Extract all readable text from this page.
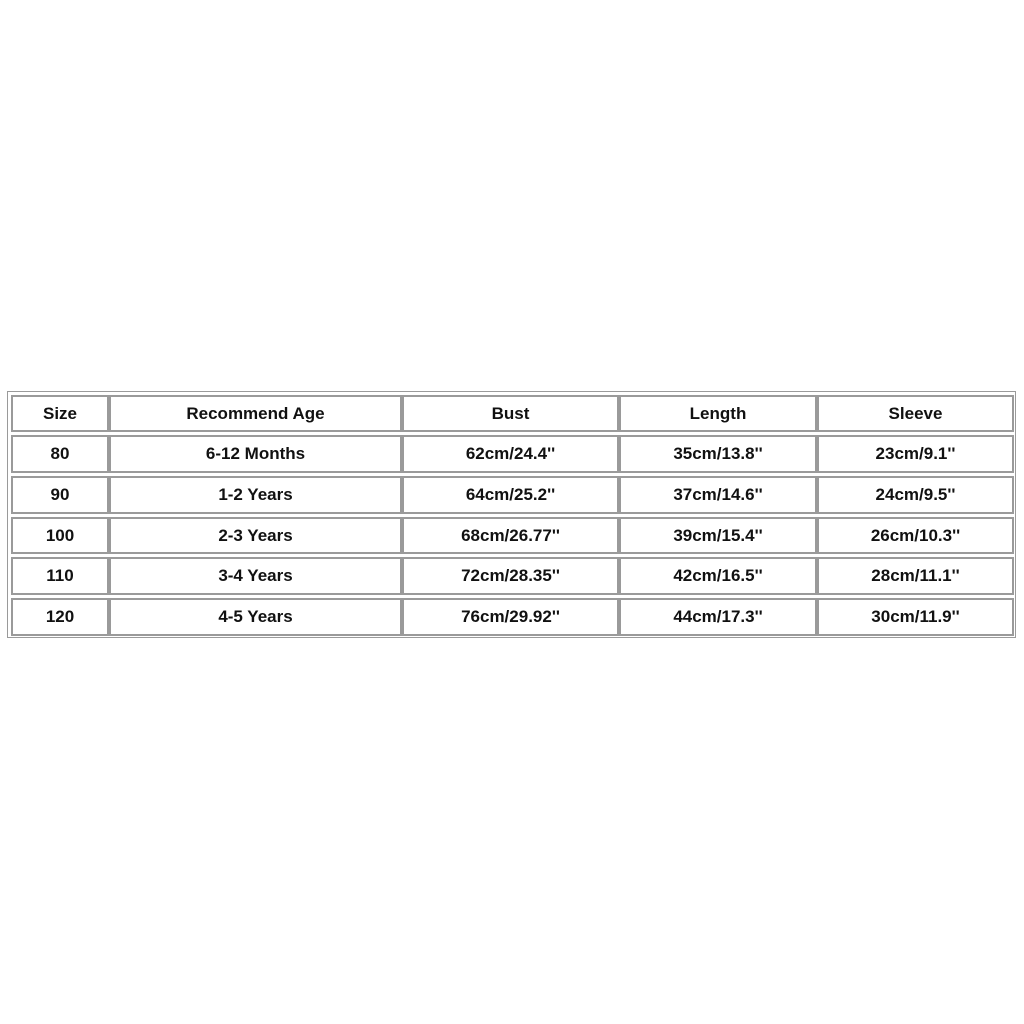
Size	Recommend Age	Bust	Length	Sleeve
80	6-12 Months	62cm/24.4''	35cm/13.8''	23cm/9.1''
90	1-2 Years	64cm/25.2''	37cm/14.6''	24cm/9.5''
100	2-3 Years	68cm/26.77''	39cm/15.4''	26cm/10.3''
110	3-4 Years	72cm/28.35''	42cm/16.5''	28cm/11.1''
120	4-5 Years	76cm/29.92''	44cm/17.3''	30cm/11.9''
